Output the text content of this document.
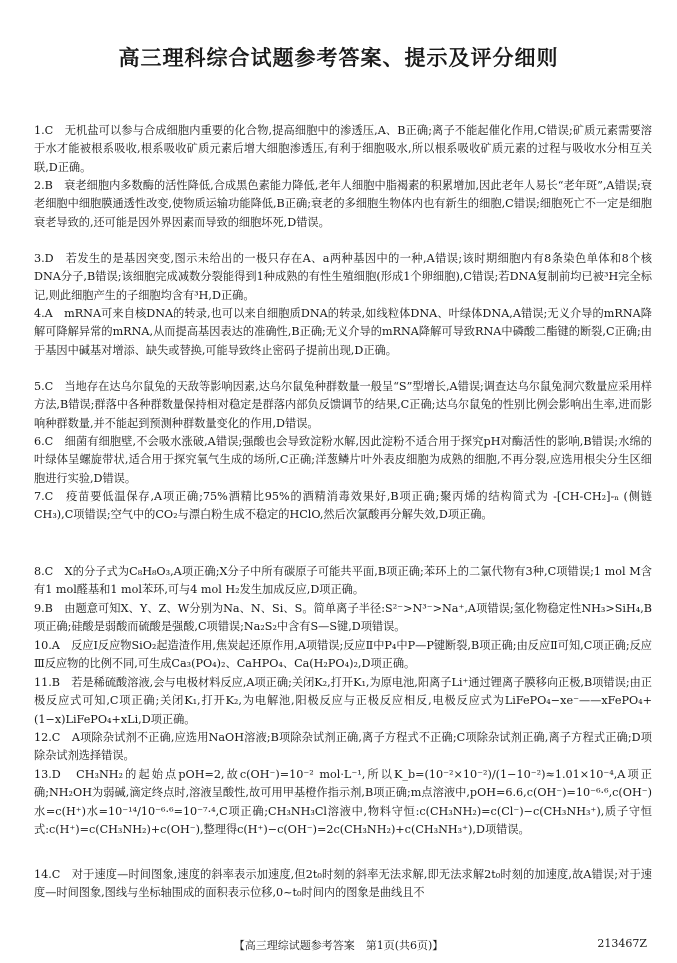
高三理科综合试题参考答案、提示及评分细则

1.C　无机盐可以参与合成细胞内重要的化合物,提高细胞中的渗透压,A、B正确;离子不能起催化作用,C错误;矿质元素需要溶于水才能被根系吸收,根系吸收矿质元素后增大细胞渗透压,有利于细胞吸水,所以根系吸收矿质元素的过程与吸收水分相互关联,D正确。

2.B　衰老细胞内多数酶的活性降低,合成黑色素能力降低,老年人细胞中脂褐素的积累增加,因此老年人易长“老年斑”,A错误;衰老细胞中细胞膜通透性改变,使物质运输功能降低,B正确;衰老的多细胞生物体内也有新生的细胞,C错误;细胞死亡不一定是细胞衰老导致的,还可能是因外界因素而导致的细胞坏死,D错误。

3.D　若发生的是基因突变,图示未给出的一极只存在A、a两种基因中的一种,A错误;该时期细胞内有8条染色单体和8个核DNA分子,B错误;该细胞完成减数分裂能得到1种成熟的有性生殖细胞(形成1个卵细胞),C错误;若DNA复制前均已被³H完全标记,则此细胞产生的子细胞均含有³H,D正确。

4.A　mRNA可来自核DNA的转录,也可以来自细胞质DNA的转录,如线粒体DNA、叶绿体DNA,A错误;无义介导的mRNA降解可降解异常的mRNA,从而提高基因表达的准确性,B正确;无义介导的mRNA降解可导致RNA中磷酸二酯键的断裂,C正确;由于基因中碱基对增添、缺失或替换,可能导致终止密码子提前出现,D正确。

5.C　当地存在达乌尔鼠兔的天敌等影响因素,达乌尔鼠兔种群数量一般呈“S”型增长,A错误;调查达乌尔鼠兔洞穴数量应采用样方法,B错误;群落中各种群数量保持相对稳定是群落内部负反馈调节的结果,C正确;达乌尔鼠兔的性别比例会影响出生率,进而影响种群数量,并不能起到预测种群数量变化的作用,D错误。

6.C　细菌有细胞壁,不会吸水涨破,A错误;强酸也会导致淀粉水解,因此淀粉不适合用于探究pH对酶活性的影响,B错误;水绵的叶绿体呈螺旋带状,适合用于探究氧气生成的场所,C正确;洋葱鳞片叶外表皮细胞为成熟的细胞,不再分裂,应选用根尖分生区细胞进行实验,D错误。

7.C　疫苗要低温保存,A项正确;75%酒精比95%的酒精消毒效果好,B项正确;聚丙烯的结构简式为 -[CH-CH₂]-ₙ (侧链CH₃),C项错误;空气中的CO₂与漂白粉生成不稳定的HClO,然后次氯酸再分解失效,D项正确。

8.C　X的分子式为C₈H₈O₃,A项正确;X分子中所有碳原子可能共平面,B项正确;苯环上的二氯代物有3种,C项错误;1 mol M含有1 mol醛基和1 mol苯环,可与4 mol H₂发生加成反应,D项正确。

9.B　由题意可知X、Y、Z、W分别为Na、N、Si、S。简单离子半径:S²⁻>N³⁻>Na⁺,A项错误;氢化物稳定性NH₃>SiH₄,B项正确;硅酸是弱酸而硫酸是强酸,C项错误;Na₂S₂中含有S—S键,D项错误。

10.A　反应Ⅰ反应物SiO₂起造渣作用,焦炭起还原作用,A项错误;反应Ⅱ中P₄中P—P键断裂,B项正确;由反应Ⅱ可知,C项正确;反应Ⅲ反应物的比例不同,可生成Ca₃(PO₄)₂、CaHPO₄、Ca(H₂PO₄)₂,D项正确。

11.B　若是稀硫酸溶液,会与电极材料反应,A项正确;关闭K₂,打开K₁,为原电池,阳离子Li⁺通过锂离子膜移向正极,B项错误;由正极反应式可知,C项正确;关闭K₁,打开K₂,为电解池,阳极反应与正极反应相反,电极反应式为LiFePO₄−xe⁻——xFePO₄+(1−x)LiFePO₄+xLi,D项正确。

12.C　A项除杂试剂不正确,应选用NaOH溶液;B项除杂试剂正确,离子方程式不正确;C项除杂试剂正确,离子方程式正确;D项除杂试剂选择错误。

13.D　CH₃NH₂的起始点pOH=2,故c(OH⁻)=10⁻² mol·L⁻¹,所以K_b=(10⁻²×10⁻²)/(1−10⁻²)≈1.01×10⁻⁴,A项正确;NH₂OH为弱碱,滴定终点时,溶液呈酸性,故可用甲基橙作指示剂,B项正确;m点溶液中,pOH=6.6,c(OH⁻)=10⁻⁶·⁶,c(OH⁻)水=c(H⁺)水=10⁻¹⁴/10⁻⁶·⁶=10⁻⁷·⁴,C项正确;CH₃NH₃Cl溶液中,物料守恒:c(CH₃NH₂)=c(Cl⁻)−c(CH₃NH₃⁺),质子守恒式:c(H⁺)=c(CH₃NH₂)+c(OH⁻),整理得c(H⁺)−c(OH⁻)=2c(CH₃NH₂)+c(CH₃NH₃⁺),D项错误。

14.C　对于速度—时间图象,速度的斜率表示加速度,但2t₀时刻的斜率无法求解,即无法求解2t₀时刻的加速度,故A错误;对于速度—时间图象,图线与坐标轴围成的面积表示位移,0~t₀时间内的图象是曲线且不

【高三理综试题参考答案　第1页(共6页)】	213467Z
